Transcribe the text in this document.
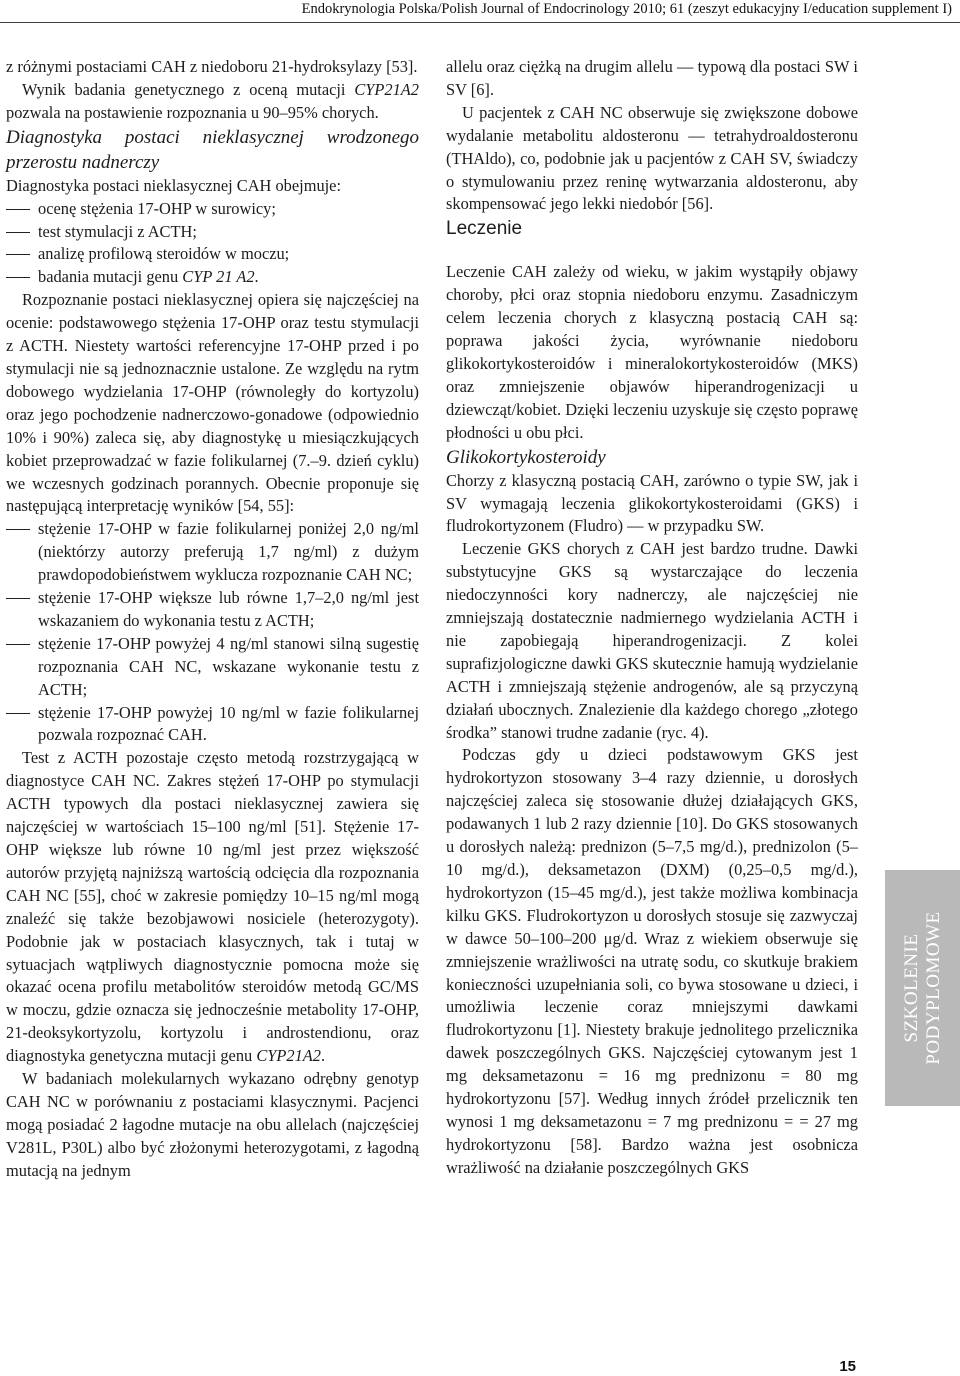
Endokrynologia Polska/Polish Journal of Endocrinology 2010; 61 (zeszyt edukacyjny I/education supplement I)

z różnymi postaciami CAH z niedoboru 21-hydroksylazy [53].

Wynik badania genetycznego z oceną mutacji CYP21A2 pozwala na postawienie rozpoznania u 90–95% chorych.

Diagnostyka postaci nieklasycznej wrodzonego przerostu nadnerczy

Diagnostyka postaci nieklasycznej CAH obejmuje:

ocenę stężenia 17-OHP w surowicy;

test stymulacji z ACTH;

analizę profilową steroidów w moczu;

badania mutacji genu CYP 21 A2.

Rozpoznanie postaci nieklasycznej opiera się najczęściej na ocenie: podstawowego stężenia 17-OHP oraz testu stymulacji z ACTH. Niestety wartości referencyjne 17-OHP przed i po stymulacji nie są jednoznacznie ustalone. Ze względu na rytm dobowego wydzielania 17-OHP (równoległy do kortyzolu) oraz jego pochodzenie nadnerczowo-gonadowe (odpowiednio 10% i 90%) zaleca się, aby diagnostykę u miesiączkujących kobiet przeprowadzać w fazie folikularnej (7.–9. dzień cyklu) we wczesnych godzinach porannych. Obecnie proponuje się następującą interpretację wyników [54, 55]:

stężenie 17-OHP w fazie folikularnej poniżej 2,0 ng/ml (niektórzy autorzy preferują 1,7 ng/ml) z dużym prawdopodobieństwem wyklucza rozpoznanie CAH NC;

stężenie 17-OHP większe lub równe 1,7–2,0 ng/ml jest wskazaniem do wykonania testu z ACTH;

stężenie 17-OHP powyżej 4 ng/ml stanowi silną sugestię rozpoznania CAH NC, wskazane wykonanie testu z ACTH;

stężenie 17-OHP powyżej 10 ng/ml w fazie folikularnej pozwala rozpoznać CAH.

Test z ACTH pozostaje często metodą rozstrzygającą w diagnostyce CAH NC. Zakres stężeń 17-OHP po stymulacji ACTH typowych dla postaci nieklasycznej zawiera się najczęściej w wartościach 15–100 ng/ml [51]. Stężenie 17-OHP większe lub równe 10 ng/ml jest przez większość autorów przyjętą najniższą wartością odcięcia dla rozpoznania CAH NC [55], choć w zakresie pomiędzy 10–15 ng/ml mogą znaleźć się także bezobjawowi nosiciele (heterozygoty). Podobnie jak w postaciach klasycznych, tak i tutaj w sytuacjach wątpliwych diagnostycznie pomocna może się okazać ocena profilu metabolitów steroidów metodą GC/MS w moczu, gdzie oznacza się jednocześnie metabolity 17-OHP, 21-deoksykortyzolu, kortyzolu i androstendionu, oraz diagnostyka genetyczna mutacji genu CYP21A2.

W badaniach molekularnych wykazano odrębny genotyp CAH NC w porównaniu z postaciami klasycznymi. Pacjenci mogą posiadać 2 łagodne mutacje na obu allelach (najczęściej V281L, P30L) albo być złożonymi heterozygotami, z łagodną mutacją na jednym

allelu oraz ciężką na drugim allelu — typową dla postaci SW i SV [6].

U pacjentek z CAH NC obserwuje się zwiększone dobowe wydalanie metabolitu aldosteronu — tetrahydroaldosteronu (THAldo), co, podobnie jak u pacjentów z CAH SV, świadczy o stymulowaniu przez reninę wytwarzania aldosteronu, aby skompensować jego lekki niedobór [56].

Leczenie

Leczenie CAH zależy od wieku, w jakim wystąpiły objawy choroby, płci oraz stopnia niedoboru enzymu. Zasadniczym celem leczenia chorych z klasyczną postacią CAH są: poprawa jakości życia, wyrównanie niedoboru glikokortykosteroidów i mineralokortykosteroidów (MKS) oraz zmniejszenie objawów hiperandrogenizacji u dziewcząt/kobiet. Dzięki leczeniu uzyskuje się często poprawę płodności u obu płci.

Glikokortykosteroidy

Chorzy z klasyczną postacią CAH, zarówno o typie SW, jak i SV wymagają leczenia glikokortykosteroidami (GKS) i fludrokortyzonem (Fludro) — w przypadku SW.

Leczenie GKS chorych z CAH jest bardzo trudne. Dawki substytucyjne GKS są wystarczające do leczenia niedoczynności kory nadnerczy, ale najczęściej nie zmniejszają dostatecznie nadmiernego wydzielania ACTH i nie zapobiegają hiperandrogenizacji. Z kolei suprafizjologiczne dawki GKS skutecznie hamują wydzielanie ACTH i zmniejszają stężenie androgenów, ale są przyczyną działań ubocznych. Znalezienie dla każdego chorego „złotego środka” stanowi trudne zadanie (ryc. 4).

Podczas gdy u dzieci podstawowym GKS jest hydrokortyzon stosowany 3–4 razy dziennie, u dorosłych najczęściej zaleca się stosowanie dłużej działających GKS, podawanych 1 lub 2 razy dziennie [10]. Do GKS stosowanych u dorosłych należą: prednizon (5–7,5 mg/d.), prednizolon (5–10 mg/d.), deksametazon (DXM) (0,25–0,5 mg/d.), hydrokortyzon (15–45 mg/d.), jest także możliwa kombinacja kilku GKS. Fludrokortyzon u dorosłych stosuje się zazwyczaj w dawce 50–100–200 μg/d. Wraz z wiekiem obserwuje się zmniejszenie wrażliwości na utratę sodu, co skutkuje brakiem konieczności uzupełniania soli, co bywa stosowane u dzieci, i umożliwia leczenie coraz mniejszymi dawkami fludrokortyzonu [1]. Niestety brakuje jednolitego przelicznika dawek poszczególnych GKS. Najczęściej cytowanym jest 1 mg deksametazonu = 16 mg prednizonu = 80 mg hydrokortyzonu [57]. Według innych źródeł przelicznik ten wynosi 1 mg deksametazonu = 7 mg prednizonu = = 27 mg hydrokortyzonu [58]. Bardzo ważna jest osobnicza wrażliwość na działanie poszczególnych GKS

SZKOLENIE PODYPLOMOWE
15
